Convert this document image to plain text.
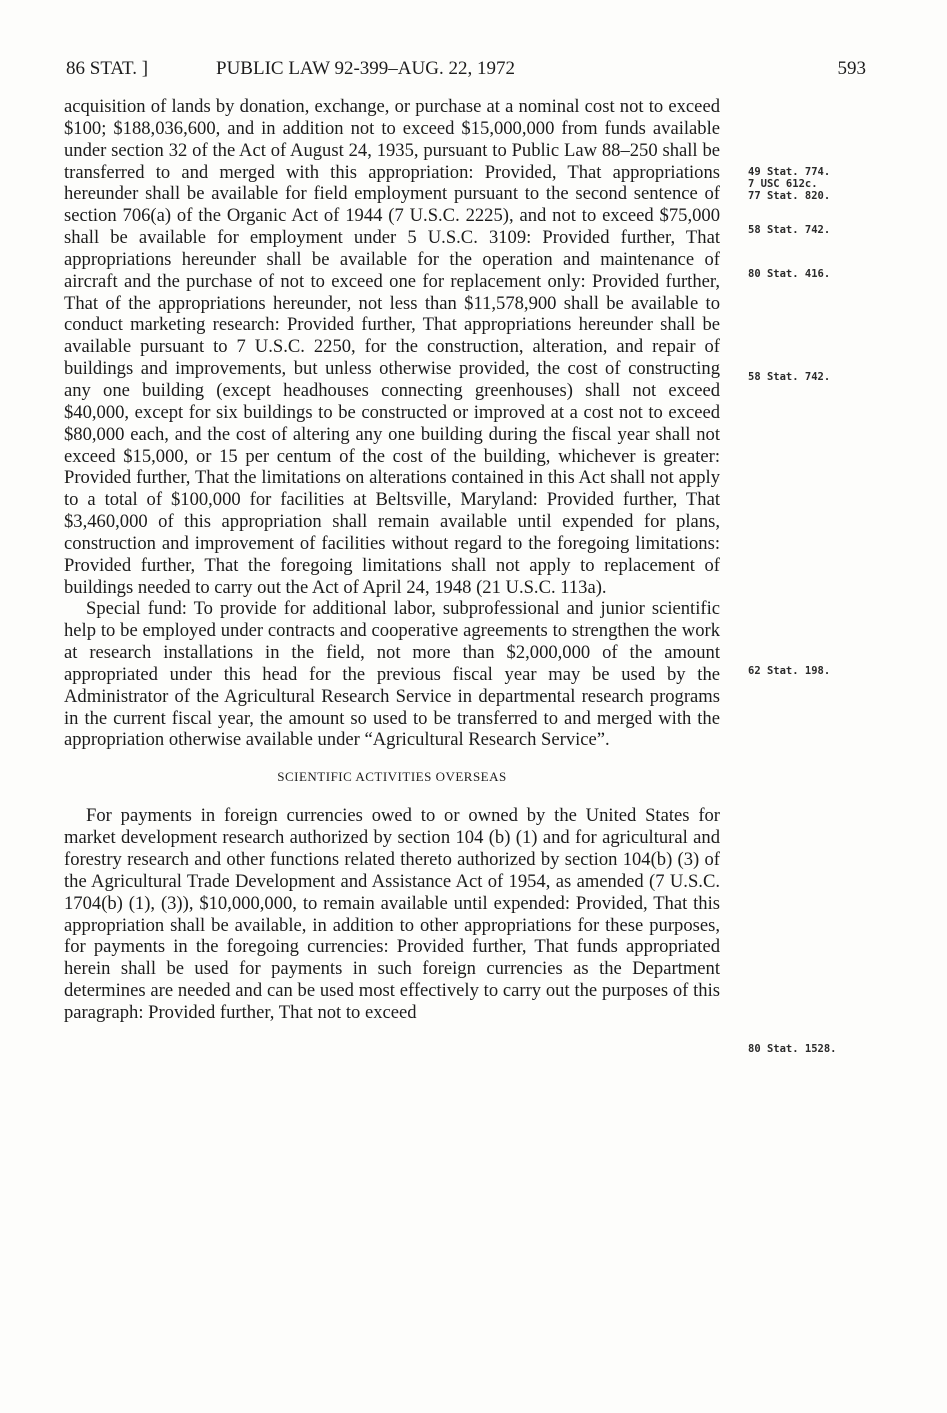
86 STAT. ]	PUBLIC LAW 92-399–AUG. 22, 1972	593

acquisition of lands by donation, exchange, or purchase at a nominal cost not to exceed $100; $188,036,600, and in addition not to exceed $15,000,000 from funds available under section 32 of the Act of August 24, 1935, pursuant to Public Law 88–250 shall be transferred to and merged with this appropriation: Provided, That appropriations hereunder shall be available for field employment pursuant to the second sentence of section 706(a) of the Organic Act of 1944 (7 U.S.C. 2225), and not to exceed $75,000 shall be available for employment under 5 U.S.C. 3109: Provided further, That appropriations hereunder shall be available for the operation and maintenance of aircraft and the purchase of not to exceed one for replacement only: Provided further, That of the appropriations hereunder, not less than $11,578,900 shall be available to conduct marketing research: Provided further, That appropriations hereunder shall be available pursuant to 7 U.S.C. 2250, for the construction, alteration, and repair of buildings and improvements, but unless otherwise provided, the cost of constructing any one building (except headhouses connecting greenhouses) shall not exceed $40,000, except for six buildings to be constructed or improved at a cost not to exceed $80,000 each, and the cost of altering any one building during the fiscal year shall not exceed $15,000, or 15 per centum of the cost of the building, whichever is greater: Provided further, That the limitations on alterations contained in this Act shall not apply to a total of $100,000 for facilities at Beltsville, Maryland: Provided further, That $3,460,000 of this appropriation shall remain available until expended for plans, construction and improvement of facilities without regard to the foregoing limitations: Provided further, That the foregoing limitations shall not apply to replacement of buildings needed to carry out the Act of April 24, 1948 (21 U.S.C. 113a).

Special fund: To provide for additional labor, subprofessional and junior scientific help to be employed under contracts and cooperative agreements to strengthen the work at research installations in the field, not more than $2,000,000 of the amount appropriated under this head for the previous fiscal year may be used by the Administrator of the Agricultural Research Service in departmental research programs in the current fiscal year, the amount so used to be transferred to and merged with the appropriation otherwise available under “Agricultural Research Service”.

SCIENTIFIC ACTIVITIES OVERSEAS

For payments in foreign currencies owed to or owned by the United States for market development research authorized by section 104 (b) (1) and for agricultural and forestry research and other functions related thereto authorized by section 104(b) (3) of the Agricultural Trade Development and Assistance Act of 1954, as amended (7 U.S.C. 1704(b) (1), (3)), $10,000,000, to remain available until expended: Provided, That this appropriation shall be available, in addition to other appropriations for these purposes, for payments in the foregoing currencies: Provided further, That funds appropriated herein shall be used for payments in such foreign currencies as the Department determines are needed and can be used most effectively to carry out the purposes of this paragraph: Provided further, That not to exceed

49 Stat. 774.
7 USC 612c.
77 Stat. 820.
58 Stat. 742.
80 Stat. 416.
58 Stat. 742.
62 Stat. 198.
80 Stat. 1528.
